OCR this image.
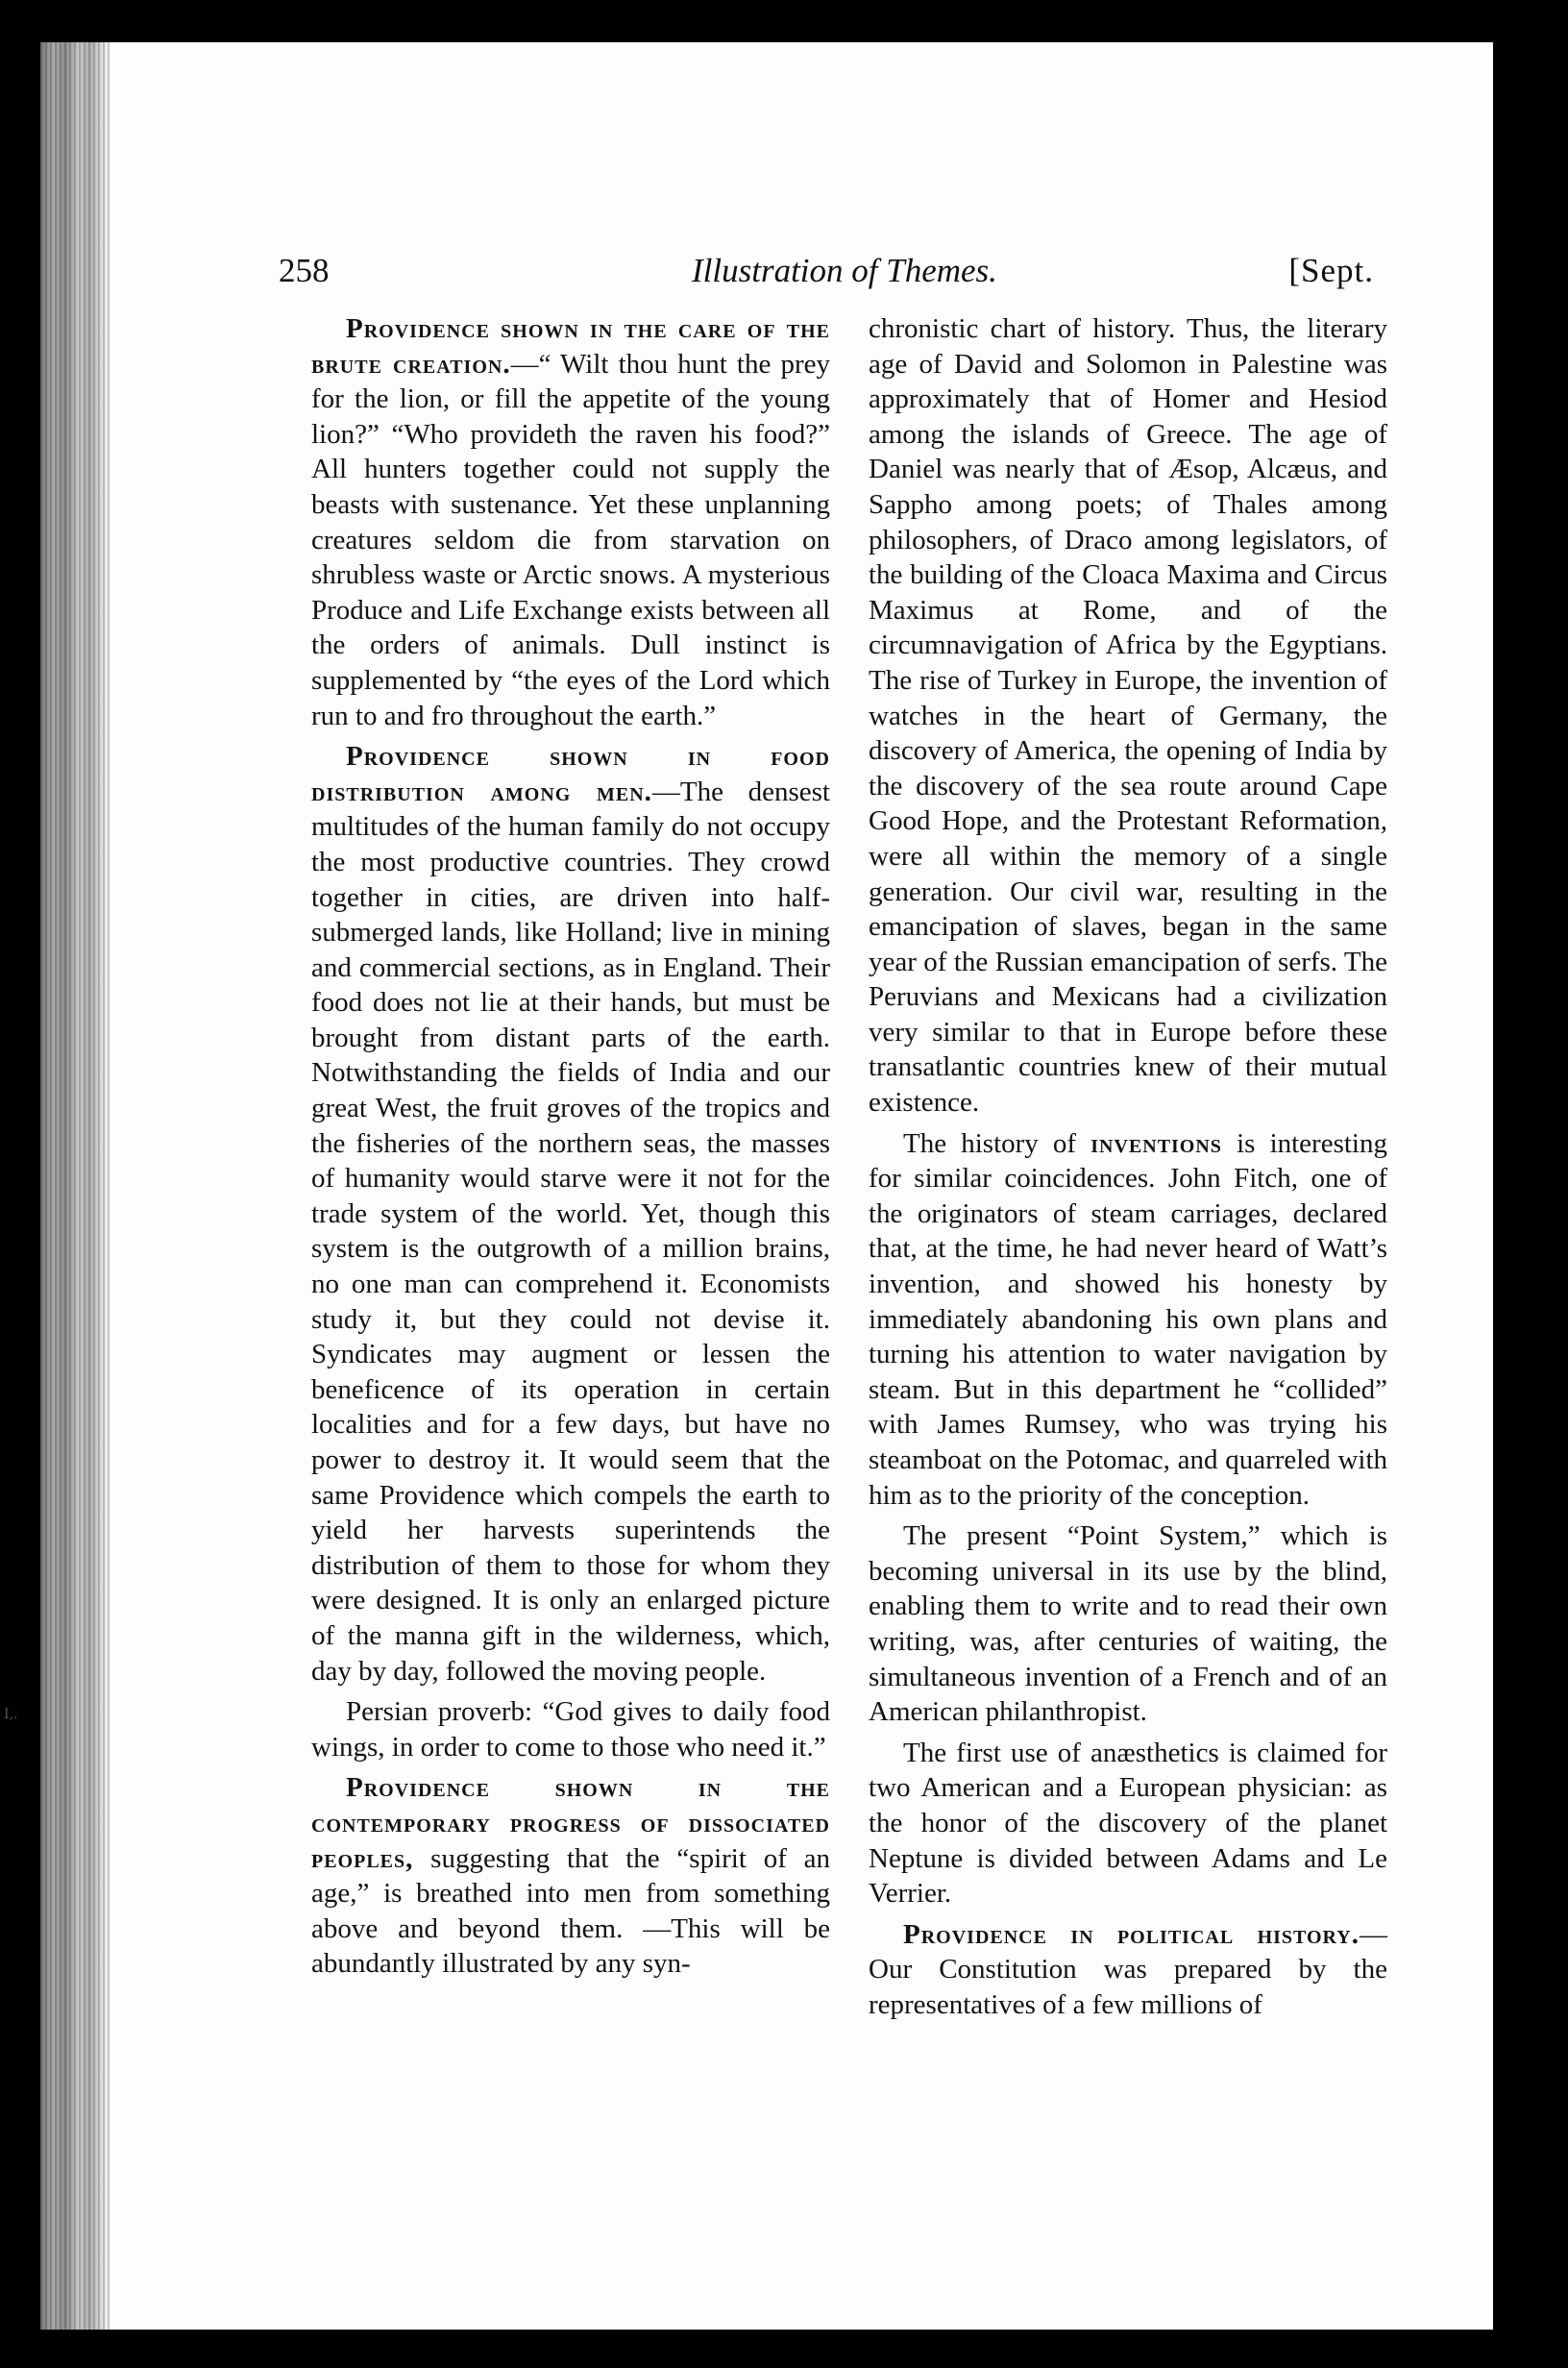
258	Illustration of Themes.	[Sept.

Providence shown in the care of the brute creation.—“ Wilt thou hunt the prey for the lion, or fill the appetite of the young lion?” “Who provideth the raven his food?” All hunters together could not supply the beasts with sustenance. Yet these unplanning creatures seldom die from starvation on shrubless waste or Arctic snows. A mysterious Produce and Life Exchange exists between all the orders of animals. Dull instinct is supplemented by “the eyes of the Lord which run to and fro throughout the earth.”

Providence shown in food distribution among men.—The densest multitudes of the human family do not occupy the most productive countries. They crowd together in cities, are driven into half-submerged lands, like Holland; live in mining and commercial sections, as in England. Their food does not lie at their hands, but must be brought from distant parts of the earth. Notwithstanding the fields of India and our great West, the fruit groves of the tropics and the fisheries of the northern seas, the masses of humanity would starve were it not for the trade system of the world. Yet, though this system is the outgrowth of a million brains, no one man can comprehend it. Economists study it, but they could not devise it. Syndicates may augment or lessen the beneficence of its operation in certain localities and for a few days, but have no power to destroy it. It would seem that the same Providence which compels the earth to yield her harvests superintends the distribution of them to those for whom they were designed. It is only an enlarged picture of the manna gift in the wilderness, which, day by day, followed the moving people.

Persian proverb: “God gives to daily food wings, in order to come to those who need it.”

Providence shown in the contemporary progress of dissociated peoples, suggesting that the “spirit of an age,” is breathed into men from something above and beyond them. —This will be abundantly illustrated by any syn-

chronistic chart of history. Thus, the literary age of David and Solomon in Palestine was approximately that of Homer and Hesiod among the islands of Greece. The age of Daniel was nearly that of Æsop, Alcæus, and Sappho among poets; of Thales among philosophers, of Draco among legislators, of the building of the Cloaca Maxima and Circus Maximus at Rome, and of the circumnavigation of Africa by the Egyptians. The rise of Turkey in Europe, the invention of watches in the heart of Germany, the discovery of America, the opening of India by the discovery of the sea route around Cape Good Hope, and the Protestant Reformation, were all within the memory of a single generation. Our civil war, resulting in the emancipation of slaves, began in the same year of the Russian emancipation of serfs. The Peruvians and Mexicans had a civilization very similar to that in Europe before these transatlantic countries knew of their mutual existence.

The history of inventions is interesting for similar coincidences. John Fitch, one of the originators of steam carriages, declared that, at the time, he had never heard of Watt’s invention, and showed his honesty by immediately abandoning his own plans and turning his attention to water navigation by steam. But in this department he “collided” with James Rumsey, who was trying his steamboat on the Potomac, and quarreled with him as to the priority of the conception.

The present “Point System,” which is becoming universal in its use by the blind, enabling them to write and to read their own writing, was, after centuries of waiting, the simultaneous invention of a French and of an American philanthropist.

The first use of anæsthetics is claimed for two American and a European physician: as the honor of the discovery of the planet Neptune is divided between Adams and Le Verrier.

Providence in political history.— Our Constitution was prepared by the representatives of a few millions of

I,.
